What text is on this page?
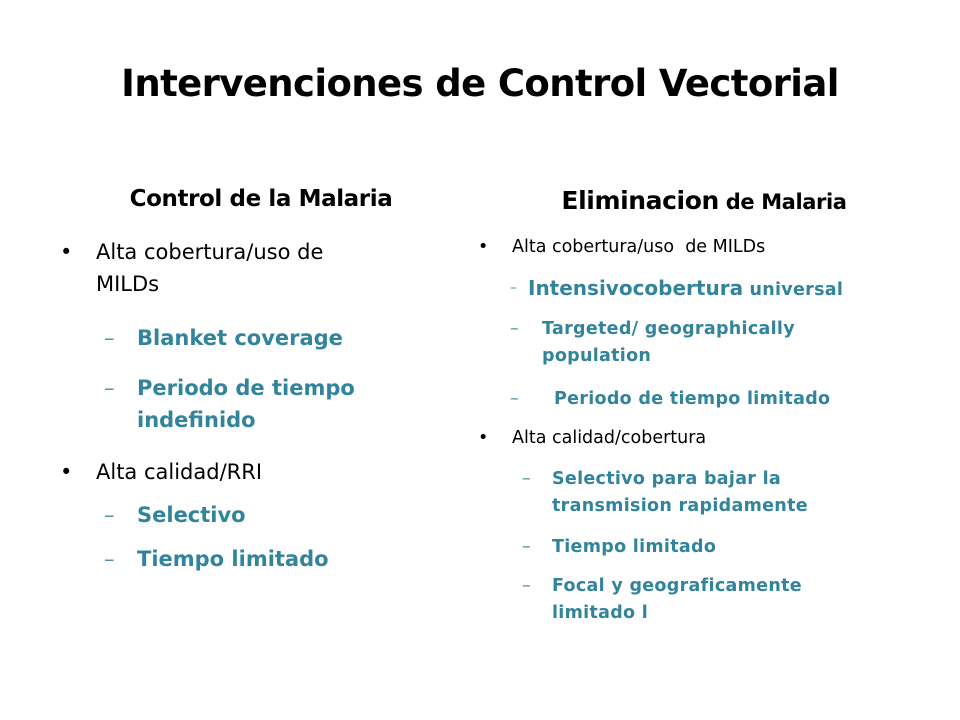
Intervenciones de Control Vectorial
Control de la Malaria	Eliminacion de Malaria
• Alta cobertura/uso de MILDs
– Blanket coverage
– Periodo de tiempo indefinido
• Alta calidad/RRI
– Selectivo
– Tiempo limitado
• Alta cobertura/uso  de MILDs
– Intensivocobertura universal
– Targeted/ geographically population
– Periodo de tiempo limitado
• Alta calidad/cobertura
– Selectivo para bajar la transmision rapidamente
– Tiempo limitado
– Focal y geograficamente limitado l
